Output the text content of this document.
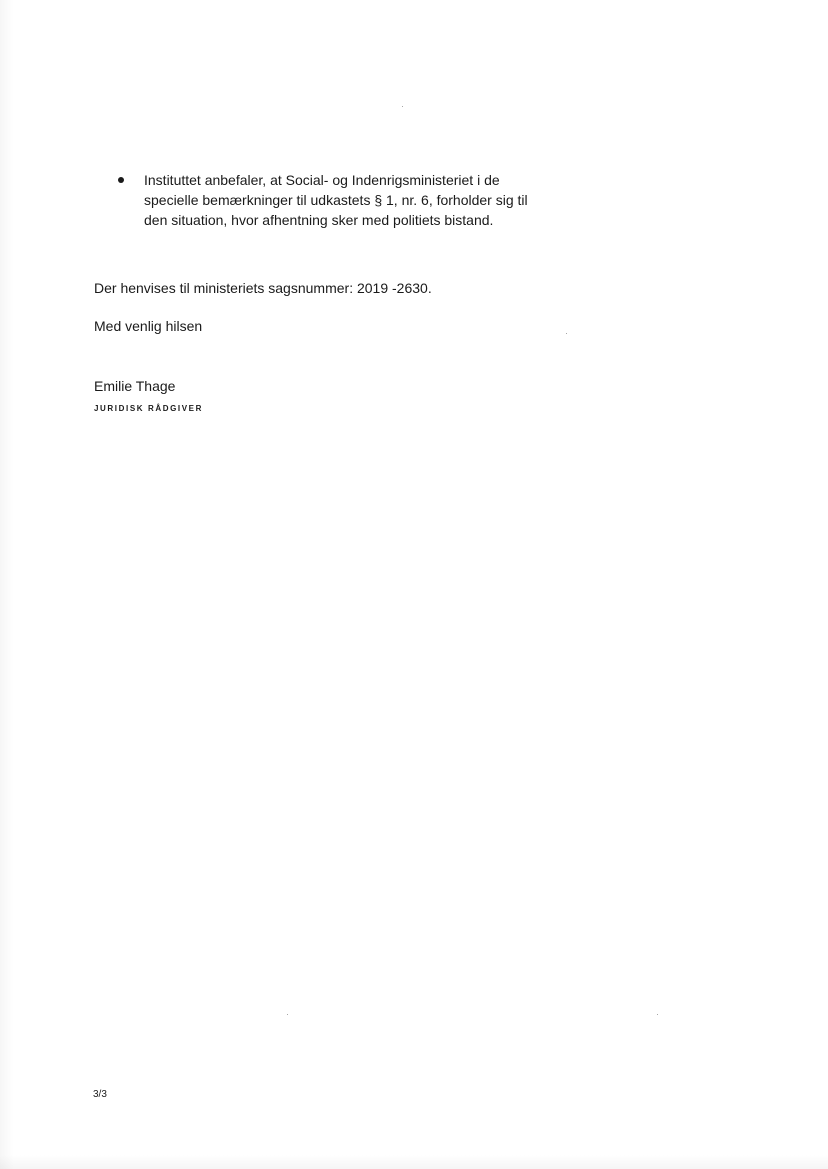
Instituttet anbefaler, at Social- og Indenrigsministeriet i de
specielle bemærkninger til udkastets § 1, nr. 6, forholder sig til
den situation, hvor afhentning sker med politiets bistand.
Der henvises til ministeriets sagsnummer: 2019 -2630.
Med venlig hilsen
Emilie Thage
JURIDISK RÅDGIVER
3/3
